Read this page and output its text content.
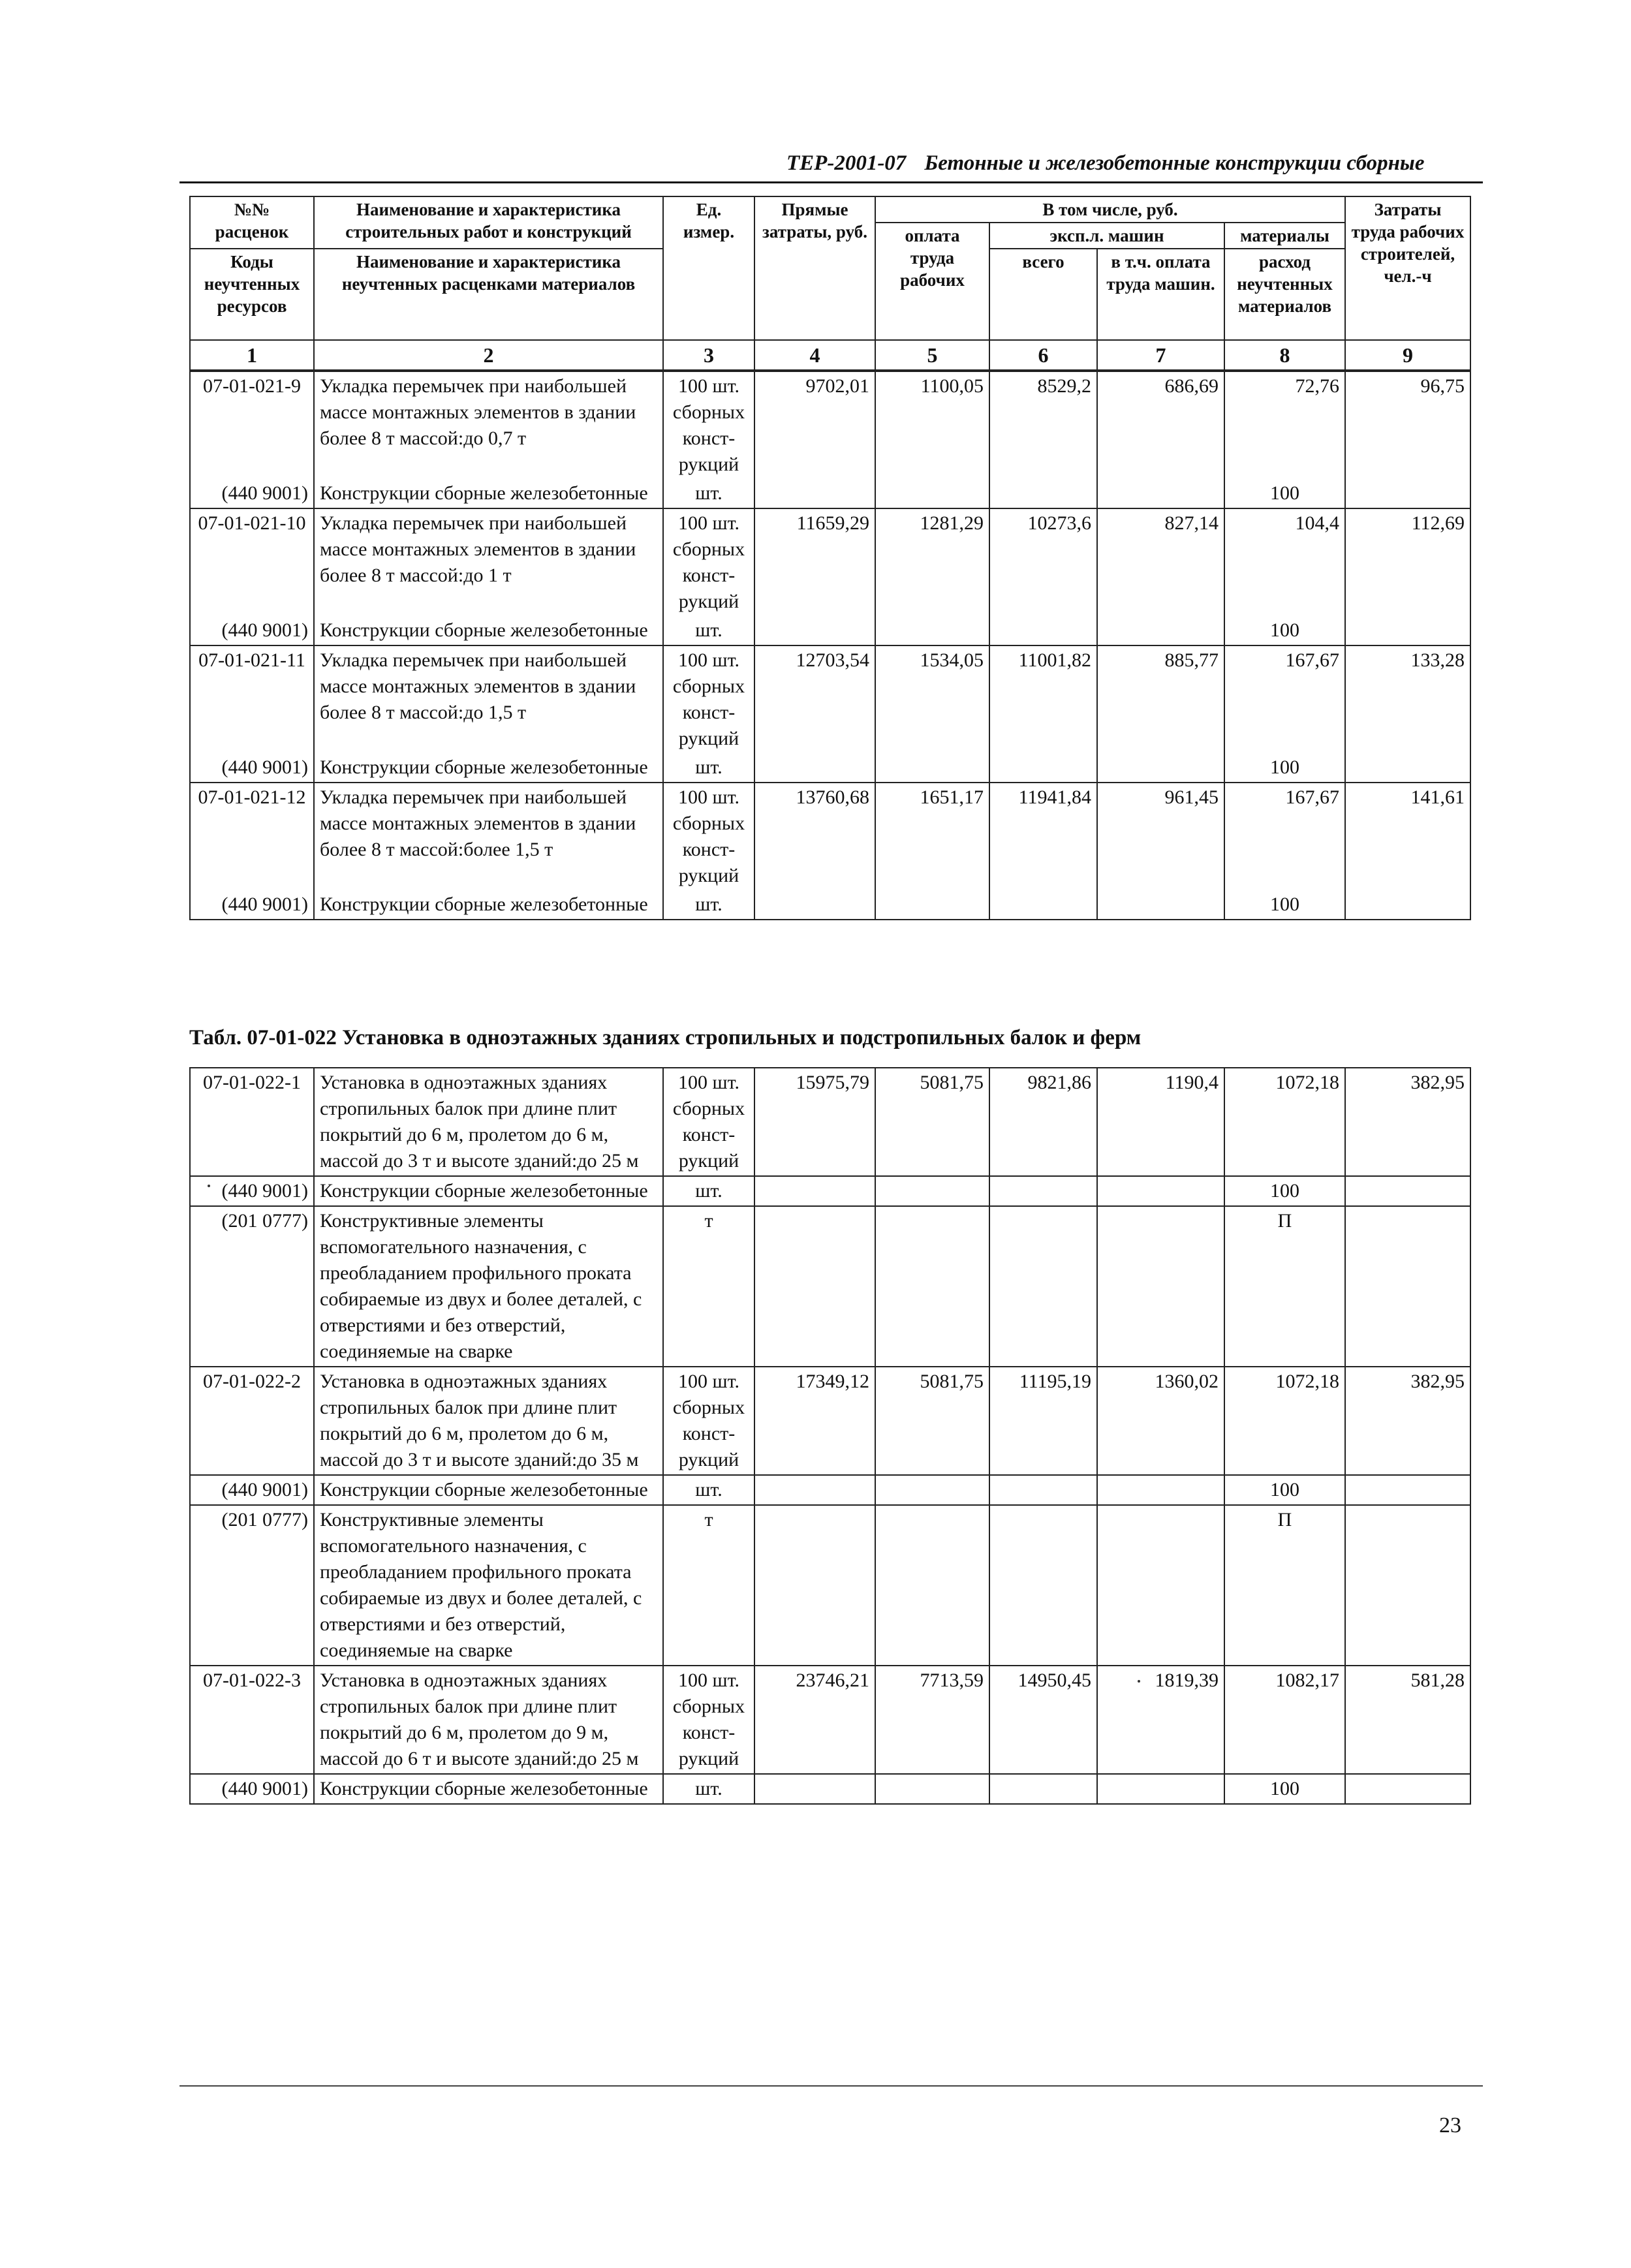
ТЕР-2001-07 Бетонные и железобетонные конструкции сборные
№№ расценок	Наименование и характеристика строительных работ и конструкций	Ед. измер.	Прямые затраты, руб.	В том числе, руб.				Затраты труда рабочих строителей, чел.-ч
				оплата труда рабочих	эксп.л. машин		материалы	
Коды неучтенных ресурсов	Наименование и характеристика неучтенных расценками материалов				всего	в т.ч. оплата труда машин.	расход неучтенных материалов	
1	2	3	4	5	6	7	8	9
07-01-021-9	Укладка перемычек при наибольшей массе монтажных элементов в здании более 8 т массой:до 0,7 т	100 шт. сборных конст-рукций	9702,01	1100,05	8529,2	686,69	72,76	96,75
(440 9001)	Конструкции сборные железобетонные	шт.					100	
07-01-021-10	Укладка перемычек при наибольшей массе монтажных элементов в здании более 8 т массой:до 1 т	100 шт. сборных конст-рукций	11659,29	1281,29	10273,6	827,14	104,4	112,69
(440 9001)	Конструкции сборные железобетонные	шт.					100	
07-01-021-11	Укладка перемычек при наибольшей массе монтажных элементов в здании более 8 т массой:до 1,5 т	100 шт. сборных конст-рукций	12703,54	1534,05	11001,82	885,77	167,67	133,28
(440 9001)	Конструкции сборные железобетонные	шт.					100	
07-01-021-12	Укладка перемычек при наибольшей массе монтажных элементов в здании более 8 т массой:более 1,5 т	100 шт. сборных конст-рукций	13760,68	1651,17	11941,84	961,45	167,67	141,61
(440 9001)	Конструкции сборные железобетонные	шт.					100	
Табл. 07-01-022 Установка в одноэтажных зданиях стропильных и подстропильных балок и ферм
07-01-022-1	Установка в одноэтажных зданиях стропильных балок при длине плит покрытий до 6 м, пролетом до 6 м, массой до 3 т и высоте зданий:до 25 м	100 шт. сборных конст-рукций	15975,79	5081,75	9821,86	1190,4	1072,18	382,95
(440 9001)	Конструкции сборные железобетонные	шт.					100	
(201 0777)	Конструктивные элементы вспомогательного назначения, с преобладанием профильного проката собираемые из двух и более деталей, с отверстиями и без отверстий, соединяемые на сварке	т					П	
07-01-022-2	Установка в одноэтажных зданиях стропильных балок при длине плит покрытий до 6 м, пролетом до 6 м, массой до 3 т и высоте зданий:до 35 м	100 шт. сборных конст-рукций	17349,12	5081,75	11195,19	1360,02	1072,18	382,95
(440 9001)	Конструкции сборные железобетонные	шт.					100	
(201 0777)	Конструктивные элементы вспомогательного назначения, с преобладанием профильного проката собираемые из двух и более деталей, с отверстиями и без отверстий, соединяемые на сварке	т					П	
07-01-022-3	Установка в одноэтажных зданиях стропильных балок при длине плит покрытий до 6 м, пролетом до 9 м, массой до 6 т и высоте зданий:до 25 м	100 шт. сборных конст-рукций	23746,21	7713,59	14950,45	1819,39	1082,17	581,28
(440 9001)	Конструкции сборные железобетонные	шт.					100	
23
